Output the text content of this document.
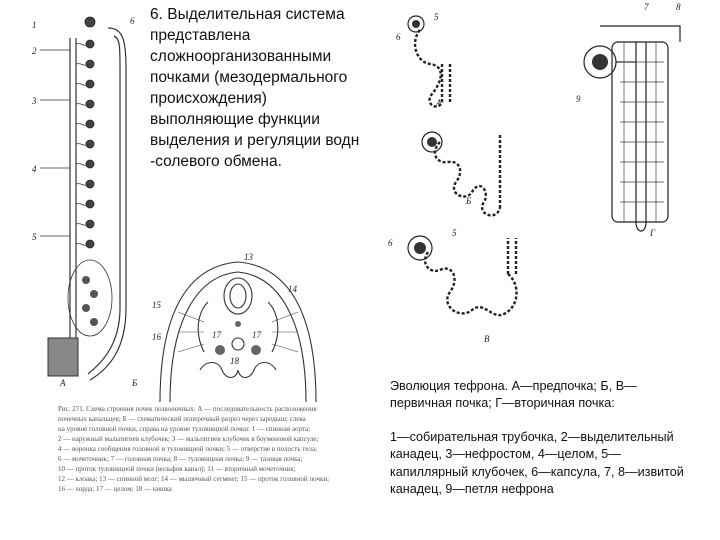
1
2
3
4
5
6
А	Б
6. Выделительная система
представлена
сложноорганизованными
почками (мезодермального
происхождения)
выполняющие функции
выделения и регуляции водн
-солевого обмена.
13
14
15
16	17	17
18
5
6
А
Б
5
6
В
7	8
9
Г

Эволюция тефрона. А—предпочка; Б, В—первичная почка; Г—вторичная почка:

1—собирательная трубочка, 2—выделительный канадец, 3—нефростом, 4—целом, 5—капиллярный клубочек, 6—капсула, 7, 8—извитой канадец, 9—петля нефрона

Рис. 271. Схема строения почек позвоночных: А — последовательность расположения
почечных канальцев; Б — схематический поперечный разрез через зародыш; слева
на уровне головной почки, справа на уровне туловищной почки: 1 — спинная аорта;
2 — наружный мальпигиев клубочек; 3 — мальпигиев клубочек в боуменовой капсуле;
4 — воронка сообщения головной и туловищной почки; 5 — отверстие в полость тела;
6 — мочеточник; 7 — головная почка; 8 — туловищная почка; 9 — тазовая почка;
10 — проток туловищной почки (вольфов канал); 11 — вторичный мочеточник;
12 — клоака; 13 — спинной мозг; 14 — мышечный сегмент; 15 — проток головной почки;
16 — хорда; 17 — целом; 18 — кишка
